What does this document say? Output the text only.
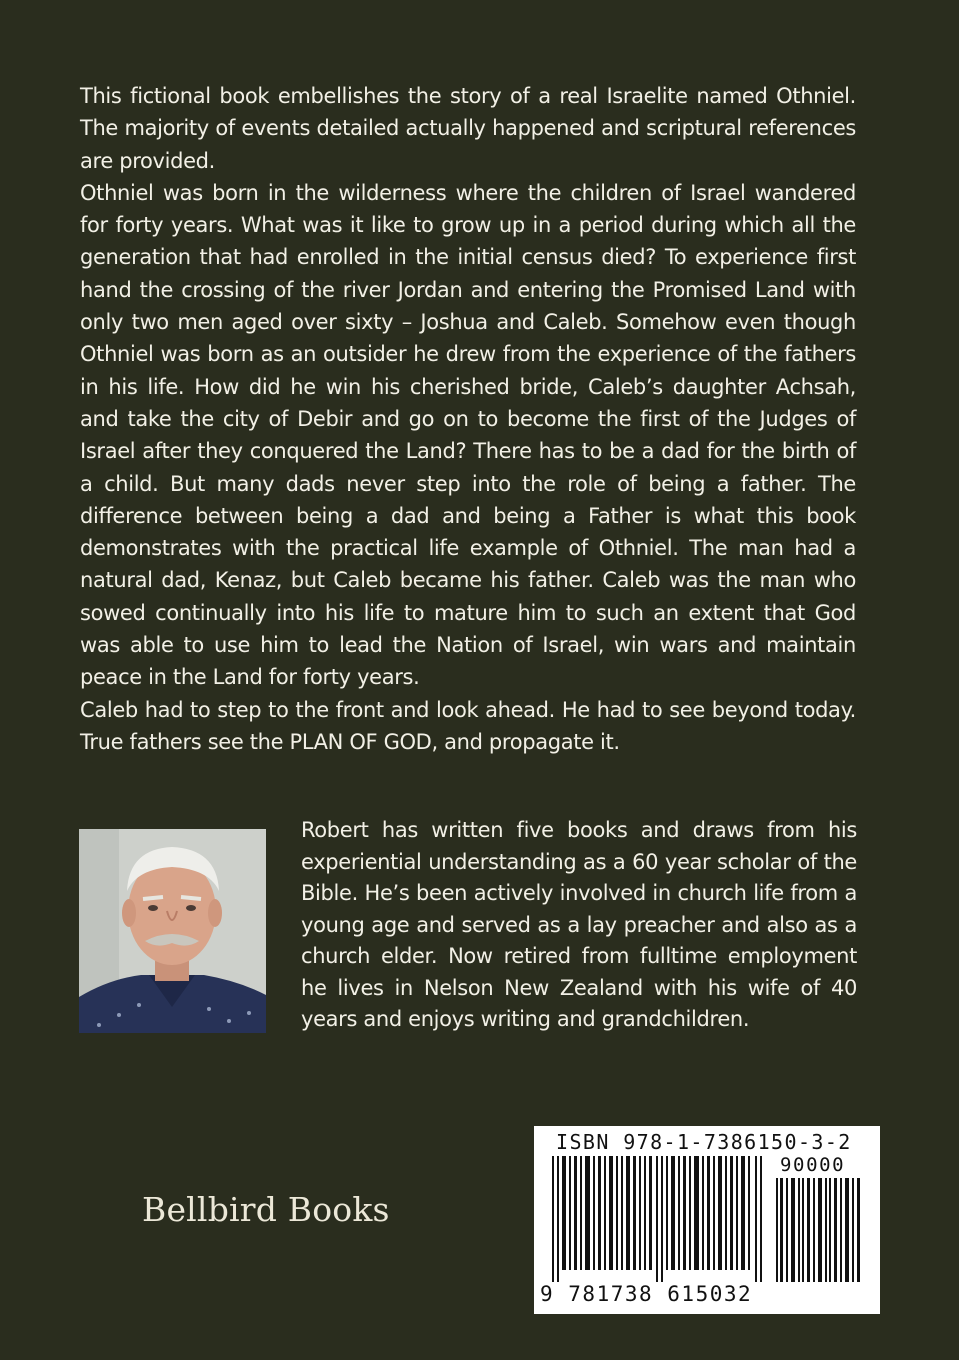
This fictional book embellishes the story of a real Israelite named Othniel. The majority of events detailed actually happened and scriptural references are provided.

Othniel was born in the wilderness where the children of Israel wandered for forty years. What was it like to grow up in a period during which all the generation that had enrolled in the initial census died? To experience first hand the crossing of the river Jordan and entering the Promised Land with only two men aged over sixty – Joshua and Caleb. Somehow even though Othniel was born as an outsider he drew from the experience of the fathers in his life. How did he win his cherished bride, Caleb’s daughter Achsah, and take the city of Debir and go on to become the first of the Judges of Israel after they conquered the Land? There has to be a dad for the birth of a child. But many dads never step into the role of being a father. The difference between being a dad and being a Father is what this book demonstrates with the practical life example of Othniel. The man had a natural dad, Kenaz, but Caleb became his father. Caleb was the man who sowed continually into his life to mature him to such an extent that God was able to use him to lead the Nation of Israel, win wars and maintain peace in the Land for forty years.

Caleb had to step to the front and look ahead. He had to see beyond today. True fathers see the PLAN OF GOD, and propagate it.

Robert has written five books and draws from his experiential understanding as a 60 year scholar of the Bible. He’s been actively involved in church life from a young age and served as a lay preacher and also as a church elder. Now retired from fulltime employment he lives in Nelson New Zealand with his wife of 40 years and enjoys writing and grandchildren.
Bellbird Books
ISBN 978-1-7386150-3-2
90000
9 781738 615032
